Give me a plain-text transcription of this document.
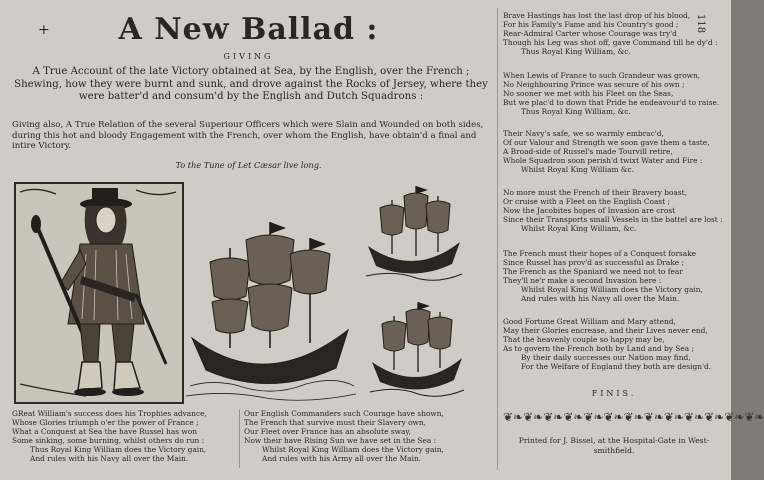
+	A New Ballad :
GIVING
A True Account of the late Victory obtained at Sea, by the English, over the French ; Shewing, how they were burnt and sunk, and drove against the Rocks of Jersey, where they were batter'd and consum'd by the English and Dutch Squadrons :
Giving also, A True Relation of the several Superiour Officers which were Slain and Wounded on both sides, during this hot and bloody Engagement with the French, over whom the English, have obtain'd a final and intire Victory.
To the Tune of Let Cæsar live long.
GReat William's success does his Trophies advance,
Whose Glories triumph o'er the power of France ;
What a Conquest at Sea the have Russel has won
Some sinking, some burning, whilst others do run :
Thus Royal King William does the Victory gain,
And rules with his Navy all over the Main.
Our English Commanders such Courage have shown,
The French that survive must their Slavery own,
Our Fleet over France has an absolute sway,
Now their have Rising Sun we have set in the Sea :
Whilst Royal King William does the Victory gain,
And rules with his Army all over the Main.
Brave Hastings has lost the last drop of his blood,
For his Family's Fame and his Country's good ;
Rear-Admiral Carter whose Courage was try'd
Though his Leg was shot off, gave Command till he dy'd :
Thus Royal King William, &c.
When Lewis of France to such Grandeur was grown,
No Neighbouring Prince was secure of his own ;
No sooner we met with his Fleet on the Seas,
But we plac'd to down that Pride he endeavour'd to raise.
Thus Royal King William, &c.
Their Navy's safe, we so warmly embrac'd,
Of our Valour and Strength we soon gave them a taste,
A Broad-side of Russel's made Tourvill retire,
Whole Squadron soon perish'd twixt Water and Fire :
Whilst Royal King William &c.
No more must the French of their Bravery boast,
Or cruise with a Fleet on the English Coast ;
Now the Jacobites hopes of Invasion are crost
Since their Transports small Vessels in the battel are lost :
Whilst Royal King William, &c.
The French must their hopes of a Conquest forsake
Since Russel has prov'd as successful as Drake ;
The French as the Spaniard we need not to fear
They'll ne'r make a second Invasion here :
Whilst Royal King William does the Victory gain,
And rules with his Navy all over the Main.
Good Fortune Great William and Mary attend,
May their Glories encrease, and their Lives never end,
That the heavenly couple so happy may be,
As to govern the French both by Land and by Sea ;
By their daily successes our Nation may find,
For the Welfare of England they both are design'd.
FINIS.
❦❧❦❧❦❧❦❧❦❧❦❧❦❧❦❧❦❧❦❧❦❧❦❧❦❧
Printed for J. Bissel, at the Hospital-Gate in West-smithfield.
118
